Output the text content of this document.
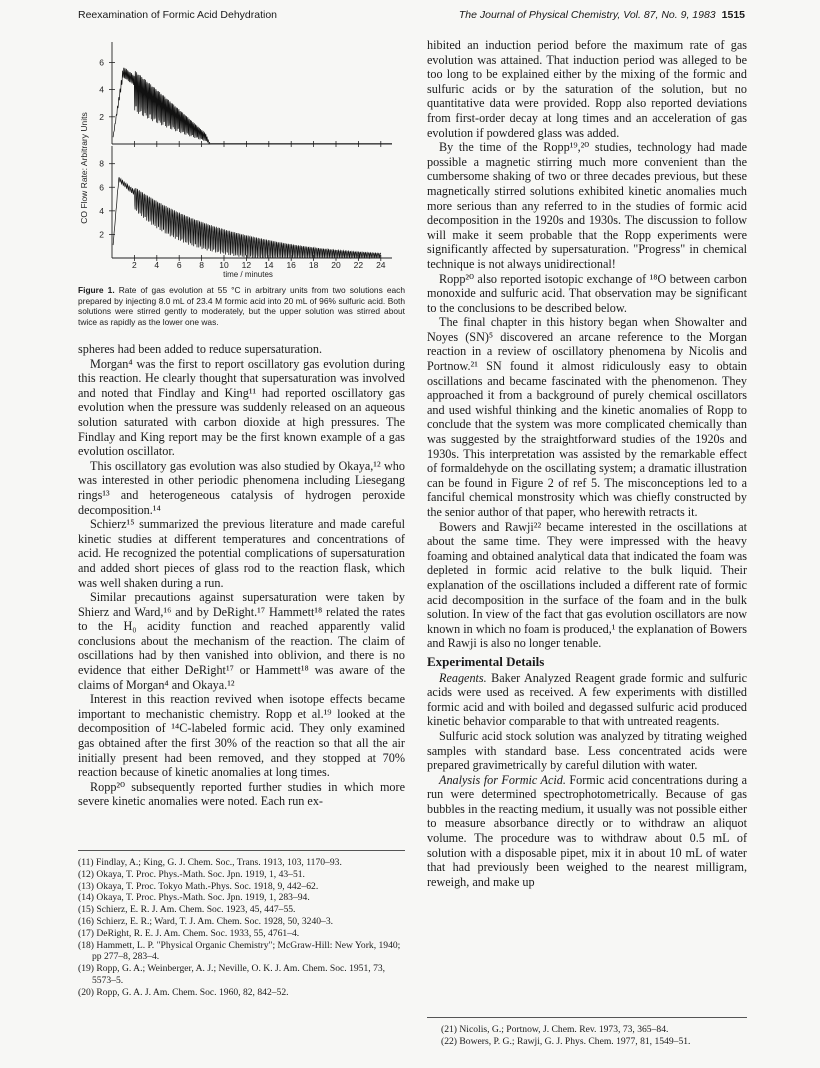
Reexamination of Formic Acid Dehydration	The Journal of Physical Chemistry, Vol. 87, No. 9, 1983 1515
2
4
6
2
4
6
8
2 4 6 8 10 12 14 16 18 20 22 24
CO Flow Rate: Arbitrary Units
time / minutes
Figure 1. Rate of gas evolution at 55 °C in arbitrary units from two solutions each prepared by injecting 8.0 mL of 23.4 M formic acid into 20 mL of 96% sulfuric acid. Both solutions were stirred gently to moderately, but the upper solution was stirred about twice as rapidly as the lower one was.

spheres had been added to reduce supersaturation.

Morgan⁴ was the first to report oscillatory gas evolution during this reaction. He clearly thought that supersaturation was involved and noted that Findlay and King¹¹ had reported oscillatory gas evolution when the pressure was suddenly released on an aqueous solution saturated with carbon dioxide at high pressures. The Findlay and King report may be the first known example of a gas evolution oscillator.

This oscillatory gas evolution was also studied by Okaya,¹² who was interested in other periodic phenomena including Liesegang rings¹³ and heterogeneous catalysis of hydrogen peroxide decomposition.¹⁴

Schierz¹⁵ summarized the previous literature and made careful kinetic studies at different temperatures and concentrations of acid. He recognized the potential complications of supersaturation and added short pieces of glass rod to the reaction flask, which was well shaken during a run.

Similar precautions against supersaturation were taken by Shierz and Ward,¹⁶ and by DeRight.¹⁷ Hammett¹⁸ related the rates to the H₀ acidity function and reached apparently valid conclusions about the mechanism of the reaction. The claim of oscillations had by then vanished into oblivion, and there is no evidence that either DeRight¹⁷ or Hammett¹⁸ was aware of the claims of Morgan⁴ and Okaya.¹²

Interest in this reaction revived when isotope effects became important to mechanistic chemistry. Ropp et al.¹⁹ looked at the decomposition of ¹⁴C-labeled formic acid. They only examined gas obtained after the first 30% of the reaction so that all the air initially present had been removed, and they stopped at 70% reaction because of kinetic anomalies at long times.

Ropp²⁰ subsequently reported further studies in which more severe kinetic anomalies were noted. Each run ex-

(11) Findlay, A.; King, G. J. Chem. Soc., Trans. 1913, 103, 1170–93.
(12) Okaya, T. Proc. Phys.-Math. Soc. Jpn. 1919, 1, 43–51.
(13) Okaya, T. Proc. Tokyo Math.-Phys. Soc. 1918, 9, 442–62.
(14) Okaya, T. Proc. Phys.-Math. Soc. Jpn. 1919, 1, 283–94.
(15) Schierz, E. R. J. Am. Chem. Soc. 1923, 45, 447–55.
(16) Schierz, E. R.; Ward, T. J. Am. Chem. Soc. 1928, 50, 3240–3.
(17) DeRight, R. E. J. Am. Chem. Soc. 1933, 55, 4761–4.
(18) Hammett, L. P. "Physical Organic Chemistry"; McGraw-Hill: New York, 1940; pp 277–8, 283–4.
(19) Ropp, G. A.; Weinberger, A. J.; Neville, O. K. J. Am. Chem. Soc. 1951, 73, 5573–5.
(20) Ropp, G. A. J. Am. Chem. Soc. 1960, 82, 842–52.

hibited an induction period before the maximum rate of gas evolution was attained. That induction period was alleged to be too long to be explained either by the mixing of the formic and sulfuric acids or by the saturation of the solution, but no quantitative data were provided. Ropp also reported deviations from first-order decay at long times and an acceleration of gas evolution if powdered glass was added.

By the time of the Ropp¹⁹,²⁰ studies, technology had made possible a magnetic stirring much more convenient than the cumbersome shaking of two or three decades previous, but these magnetically stirred solutions exhibited kinetic anomalies much more serious than any referred to in the studies of formic acid decomposition in the 1920s and 1930s. The discussion to follow will make it seem probable that the Ropp experiments were significantly affected by supersaturation. "Progress" in chemical technique is not always unidirectional!

Ropp²⁰ also reported isotopic exchange of ¹⁸O between carbon monoxide and sulfuric acid. That observation may be significant to the conclusions to be described below.

The final chapter in this history began when Showalter and Noyes (SN)⁵ discovered an arcane reference to the Morgan reaction in a review of oscillatory phenomena by Nicolis and Portnow.²¹ SN found it almost ridiculously easy to obtain oscillations and became fascinated with the phenomenon. They approached it from a background of purely chemical oscillators and used wishful thinking and the kinetic anomalies of Ropp to conclude that the system was more complicated chemically than was suggested by the straightforward studies of the 1920s and 1930s. This interpretation was assisted by the remarkable effect of formaldehyde on the oscillating system; a dramatic illustration can be found in Figure 2 of ref 5. The misconceptions led to a fanciful chemical monstrosity which was chiefly constructed by the senior author of that paper, who herewith retracts it.

Bowers and Rawji²² became interested in the oscillations at about the same time. They were impressed with the heavy foaming and obtained analytical data that indicated the foam was depleted in formic acid relative to the bulk liquid. Their explanation of the oscillations included a different rate of formic acid decomposition in the surface of the foam and in the bulk solution. In view of the fact that gas evolution oscillators are now known in which no foam is produced,¹ the explanation of Bowers and Rawji is also no longer tenable.

Experimental Details

Reagents. Baker Analyzed Reagent grade formic and sulfuric acids were used as received. A few experiments with distilled formic acid and with boiled and degassed sulfuric acid produced kinetic behavior comparable to that with untreated reagents.

Sulfuric acid stock solution was analyzed by titrating weighed samples with standard base. Less concentrated acids were prepared gravimetrically by careful dilution with water.

Analysis for Formic Acid. Formic acid concentrations during a run were determined spectrophotometrically. Because of gas bubbles in the reacting medium, it usually was not possible either to measure absorbance directly or to withdraw an aliquot volume. The procedure was to withdraw about 0.5 mL of solution with a disposable pipet, mix it in about 10 mL of water that had previously been weighed to the nearest milligram, reweigh, and make up

(21) Nicolis, G.; Portnow, J. Chem. Rev. 1973, 73, 365–84.
(22) Bowers, P. G.; Rawji, G. J. Phys. Chem. 1977, 81, 1549–51.
